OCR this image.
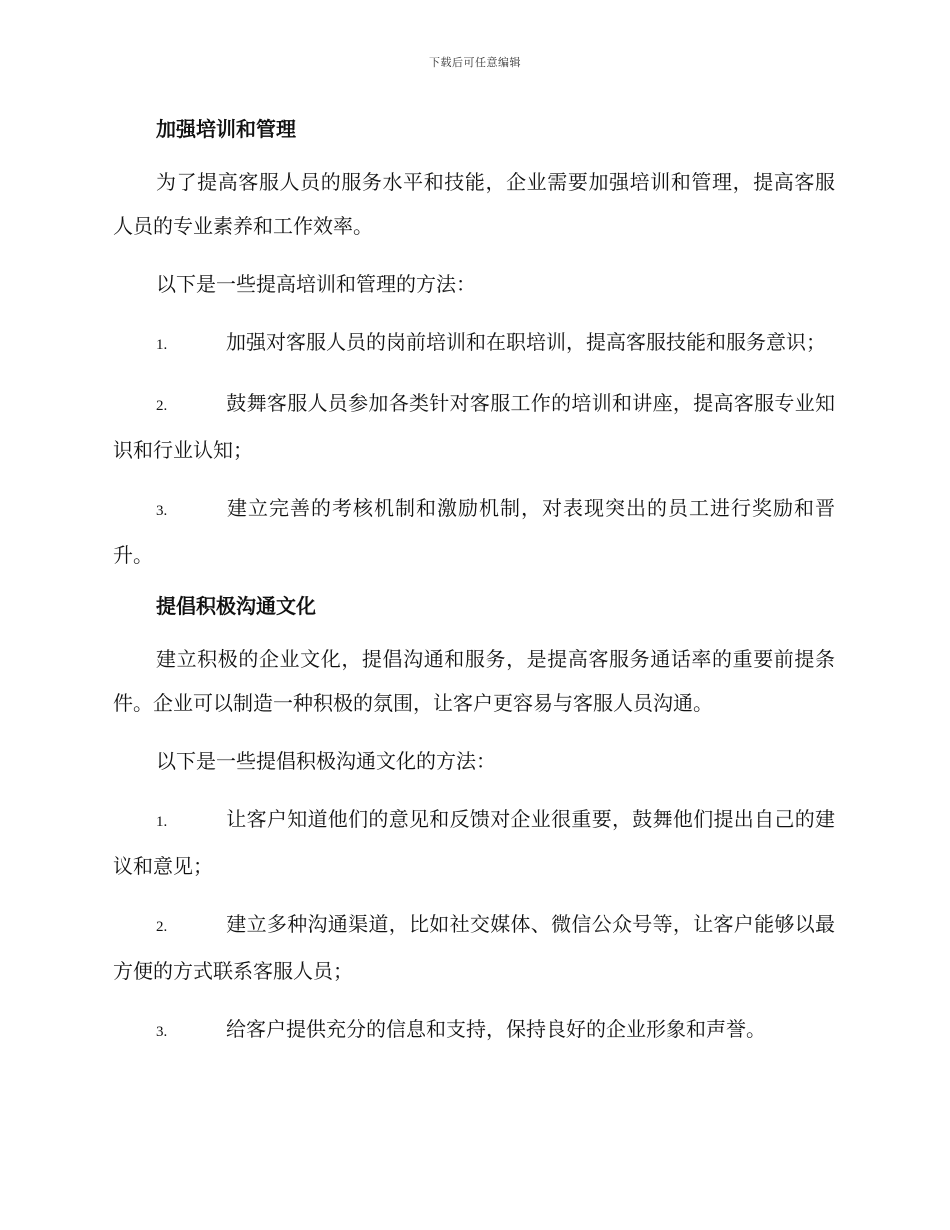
下载后可任意编辑

加强培训和管理

为了提高客服人员的服务水平和技能，企业需要加强培训和管理，提高客服人员的专业素养和工作效率。

以下是一些提高培训和管理的方法：

1.	加强对客服人员的岗前培训和在职培训，提高客服技能和服务意识；

2.	鼓舞客服人员参加各类针对客服工作的培训和讲座，提高客服专业知识和行业认知；

3.	建立完善的考核机制和激励机制，对表现突出的员工进行奖励和晋升。

提倡积极沟通文化

建立积极的企业文化，提倡沟通和服务，是提高客服务通话率的重要前提条件。企业可以制造一种积极的氛围，让客户更容易与客服人员沟通。

以下是一些提倡积极沟通文化的方法：

1.	让客户知道他们的意见和反馈对企业很重要，鼓舞他们提出自己的建议和意见；

2.	建立多种沟通渠道，比如社交媒体、微信公众号等，让客户能够以最方便的方式联系客服人员；

3.	给客户提供充分的信息和支持，保持良好的企业形象和声誉。
